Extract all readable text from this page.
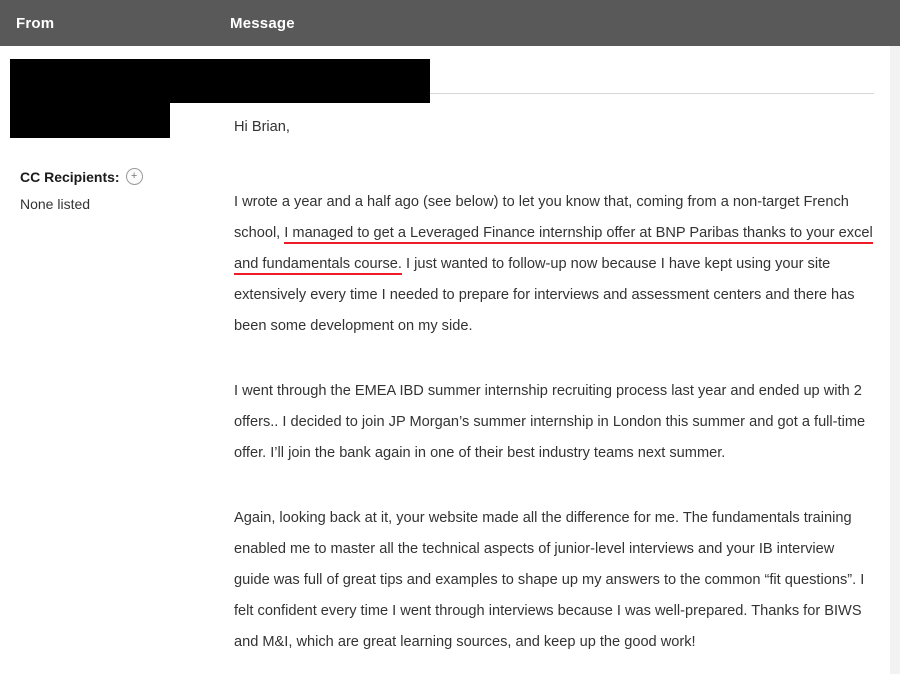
From	Message
CC Recipients:	+
None listed

Hi Brian,

I wrote a year and a half ago (see below) to let you know that, coming from a non-target French school, I managed to get a Leveraged Finance internship offer at BNP Paribas thanks to your excel and fundamentals course. I just wanted to follow-up now because I have kept using your site extensively every time I needed to prepare for interviews and assessment centers and there has been some development on my side.

I went through the EMEA IBD summer internship recruiting process last year and ended up with 2 offers.. I decided to join JP Morgan’s summer internship in London this summer and got a full-time offer. I’ll join the bank again in one of their best industry teams next summer.

Again, looking back at it, your website made all the difference for me. The fundamentals training enabled me to master all the technical aspects of junior-level interviews and your IB interview guide was full of great tips and examples to shape up my answers to the common “fit questions”. I felt confident every time I went through interviews because I was well-prepared. Thanks for BIWS and M&I, which are great learning sources, and keep up the good work!
